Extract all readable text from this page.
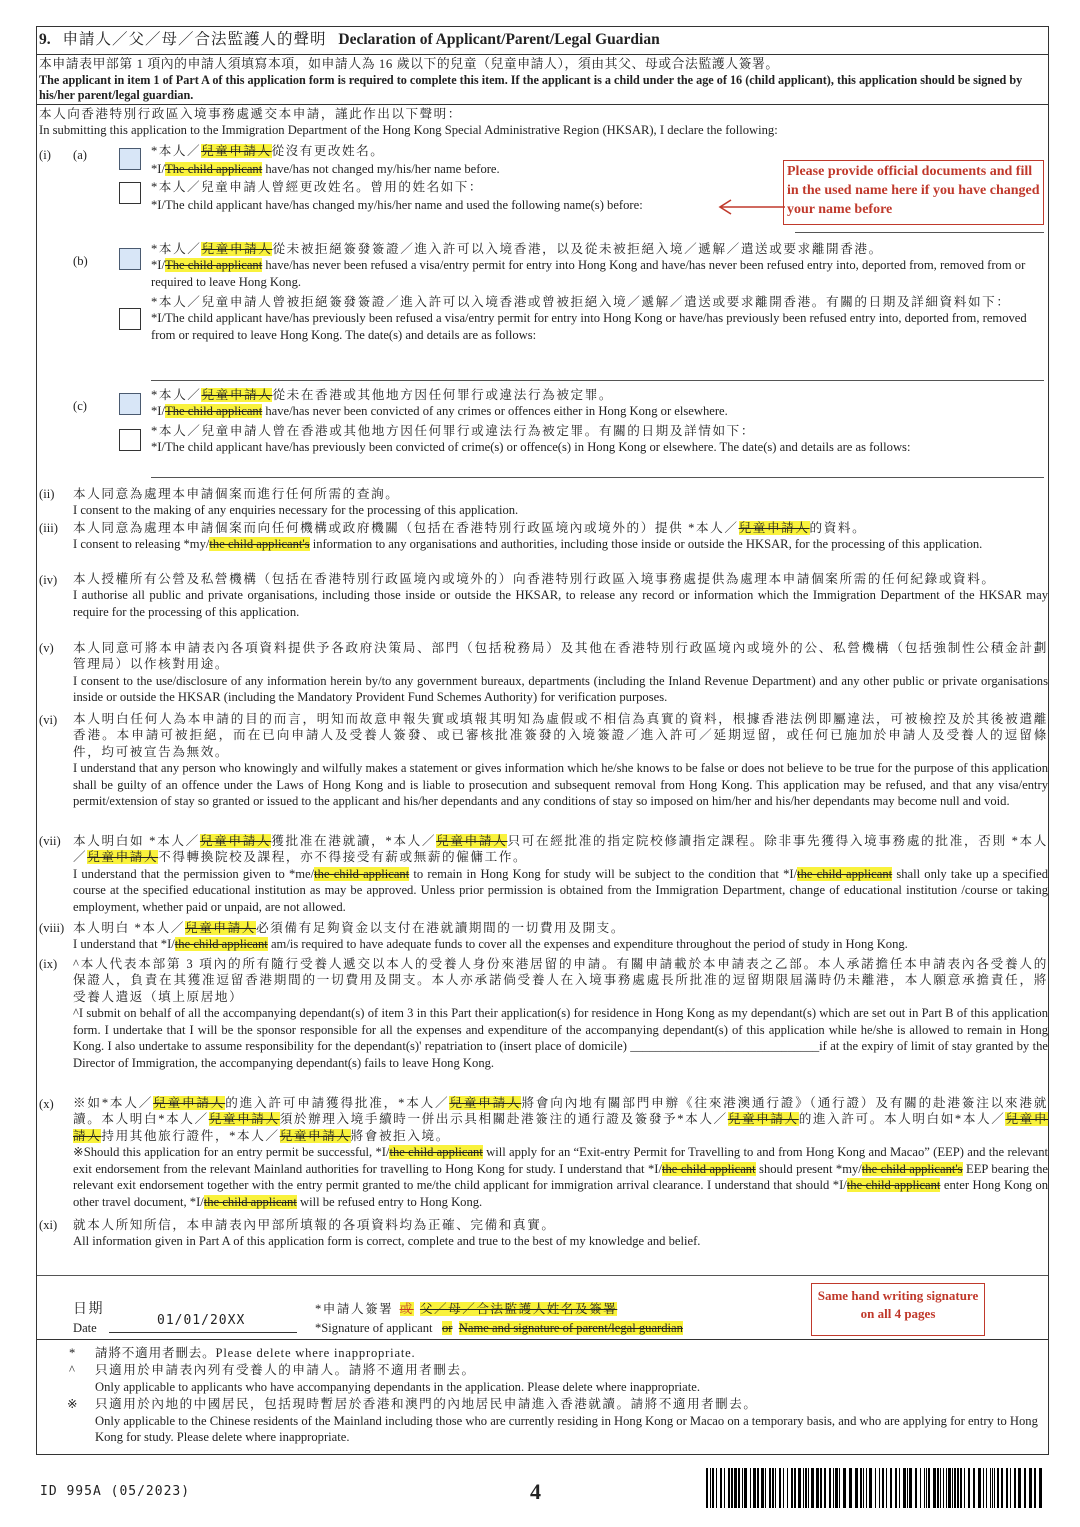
9. 申請人／父／母／合法監護人的聲明 Declaration of Applicant/Parent/Legal Guardian
本申請表甲部第 1 項內的申請人須填寫本項，如申請人為 16 歲以下的兒童（兒童申請人），須由其父、母或合法監護人簽署。
The applicant in item 1 of Part A of this application form is required to complete this item. If the applicant is a child under the age of 16 (child applicant), this application should be signed by his/her parent/legal guardian.
本人向香港特別行政區入境事務處遞交本申請，謹此作出以下聲明：
In submitting this application to the Immigration Department of the Hong Kong Special Administrative Region (HKSAR), I declare the following:
(i) (a)	*本人／兒童申請人從沒有更改姓名。
*I/The child applicant have/has not changed my/his/her name before.
*本人／兒童申請人曾經更改姓名。曾用的姓名如下：
*I/The child applicant have/has changed my/his/her name and used the following name(s) before:
Please provide official documents and fill in the used name here if you have changed your name before
(b)
*本人／兒童申請人從未被拒絕簽發簽證／進入許可以入境香港，以及從未被拒絕入境／遞解／遣送或要求離開香港。
*I/The child applicant have/has never been refused a visa/entry permit for entry into Hong Kong and have/has never been refused entry into, deported from, removed from or required to leave Hong Kong.
*本人／兒童申請人曾被拒絕簽發簽證／進入許可以入境香港或曾被拒絕入境／遞解／遣送或要求離開香港。有關的日期及詳細資料如下：
*I/The child applicant have/has previously been refused a visa/entry permit for entry into Hong Kong or have/has previously been refused entry into, deported from, removed from or required to leave Hong Kong. The date(s) and details are as follows:
(c)
*本人／兒童申請人從未在香港或其他地方因任何罪行或違法行為被定罪。
*I/The child applicant have/has never been convicted of any crimes or offences either in Hong Kong or elsewhere.
*本人／兒童申請人曾在香港或其他地方因任何罪行或違法行為被定罪。有關的日期及詳情如下：
*I/The child applicant have/has previously been convicted of crime(s) or offence(s) in Hong Kong or elsewhere. The date(s) and details are as follows:
(ii) 本人同意為處理本申請個案而進行任何所需的查詢。
I consent to the making of any enquiries necessary for the processing of this application.
(iii) 本人同意為處理本申請個案而向任何機構或政府機關（包括在香港特別行政區境內或境外的）提供 *本人／兒童申請人的資料。
I consent to releasing *my/the child applicant's information to any organisations and authorities, including those inside or outside the HKSAR, for the processing of this application.
(iv) 本人授權所有公營及私營機構（包括在香港特別行政區境內或境外的）向香港特別行政區入境事務處提供為處理本申請個案所需的任何紀錄或資料。
I authorise all public and private organisations, including those inside or outside the HKSAR, to release any record or information which the Immigration Department of the HKSAR may require for the processing of this application.
(v) 本人同意可將本申請表內各項資料提供予各政府決策局、部門（包括稅務局）及其他在香港特別行政區境內或境外的公、私營機構（包括強制性公積金計劃管理局）以作核對用途。
I consent to the use/disclosure of any information herein by/to any government bureaux, departments (including the Inland Revenue Department) and any other public or private organisations inside or outside the HKSAR (including the Mandatory Provident Fund Schemes Authority) for verification purposes.
(vi) 本人明白任何人為本申請的目的而言，明知而故意申報失實或填報其明知為虛假或不相信為真實的資料，根據香港法例即屬違法，可被檢控及於其後被遣離香港。本申請可被拒絕，而在已向申請人及受養人簽發、或已審核批准簽發的入境簽證／進入許可／延期逗留，或任何已施加於申請人及受養人的逗留條件，均可被宣告為無效。
I understand that any person who knowingly and wilfully makes a statement or gives information which he/she knows to be false or does not believe to be true for the purpose of this application shall be guilty of an offence under the Laws of Hong Kong and is liable to prosecution and subsequent removal from Hong Kong. This application may be refused, and that any visa/entry permit/extension of stay so granted or issued to the applicant and his/her dependants and any conditions of stay so imposed on him/her and his/her dependants may become null and void.
(vii) 本人明白如 *本人／兒童申請人獲批准在港就讀，*本人／兒童申請人只可在經批准的指定院校修讀指定課程。除非事先獲得入境事務處的批准，否則 *本人／兒童申請人不得轉換院校及課程，亦不得接受有薪或無薪的僱傭工作。
I understand that the permission given to *me/the child applicant to remain in Hong Kong for study will be subject to the condition that *I/the child applicant shall only take up a specified course at the specified educational institution as may be approved. Unless prior permission is obtained from the Immigration Department, change of educational institution /course or taking employment, whether paid or unpaid, are not allowed.
(viii) 本人明白 *本人／兒童申請人必須備有足夠資金以支付在港就讀期間的一切費用及開支。
I understand that *I/the child applicant am/is required to have adequate funds to cover all the expenses and expenditure throughout the period of study in Hong Kong.
(ix) ^本人代表本部第 3 項內的所有隨行受養人遞交以本人的受養人身份來港居留的申請。有關申請載於本申請表之乙部。本人承諾擔任本申請表內各受養人的保證人，負責在其獲准逗留香港期間的一切費用及開支。本人亦承諾倘受養人在入境事務處處長所批准的逗留期限屆滿時仍未離港，本人願意承擔責任，將受養人遣返（填上原居地）
^I submit on behalf of all the accompanying dependant(s) of item 3 in this Part their application(s) for residence in Hong Kong as my dependant(s) which are set out in Part B of this application form. I undertake that I will be the sponsor responsible for all the expenses and expenditure of the accompanying dependant(s) of this application while he/she is allowed to remain in Hong Kong. I also undertake to assume responsibility for the dependant(s)' repatriation to (insert place of domicile) ______________________________if at the expiry of limit of stay granted by the Director of Immigration, the accompanying dependant(s) fails to leave Hong Kong.
(x) ※如*本人／兒童申請人的進入許可申請獲得批准，*本人／兒童申請人將會向內地有關部門申辦《往來港澳通行證》（通行證）及有關的赴港簽注以來港就讀。本人明白*本人／兒童申請人須於辦理入境手續時一併出示具相關赴港簽注的通行證及簽發予*本人／兒童申請人的進入許可。本人明白如*本人／兒童申請人持用其他旅行證件，*本人／兒童申請人將會被拒入境。
※Should this application for an entry permit be successful, *I/the child applicant will apply for an “Exit-entry Permit for Travelling to and from Hong Kong and Macao” (EEP) and the relevant exit endorsement from the relevant Mainland authorities for travelling to Hong Kong for study. I understand that *I/the child applicant should present *my/the child applicant's EEP bearing the relevant exit endorsement together with the entry permit granted to me/the child applicant for immigration arrival clearance. I understand that should *I/the child applicant enter Hong Kong on other travel document, *I/the child applicant will be refused entry to Hong Kong.
(xi) 就本人所知所信，本申請表內甲部所填報的各項資料均為正確、完備和真實。
All information given in Part A of this application form is correct, complete and true to the best of my knowledge and belief.
日期
Date	01/01/20XX
*申請人簽署 或 父／母／合法監護人姓名及簽署
*Signature of applicant or Name and signature of parent/legal guardian
Same hand writing signature on all 4 pages
* 請將不適用者刪去。Please delete where inappropriate.
^ 只適用於申請表內列有受養人的申請人。請將不適用者刪去。
Only applicable to applicants who have accompanying dependants in the application. Please delete where inappropriate.
※ 只適用於內地的中國居民，包括現時暫居於香港和澳門的內地居民申請進入香港就讀。請將不適用者刪去。
Only applicable to the Chinese residents of the Mainland including those who are currently residing in Hong Kong or Macao on a temporary basis, and who are applying for entry to Hong Kong for study. Please delete where inappropriate.
ID 995A (05/2023)	4
